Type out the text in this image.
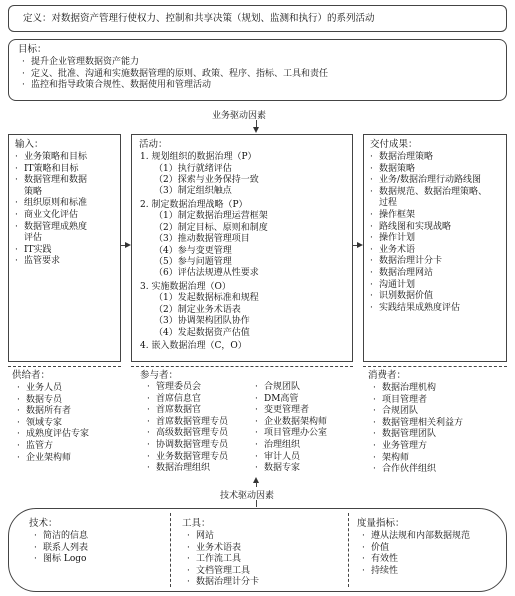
定义：对数据资产管理行使权力、控制和共享决策（规划、监测和执行）的系列活动
目标：
· 提升企业管理数据资产能力
· 定义、批准、沟通和实施数据管理的原则、政策、程序、指标、工具和责任
· 监控和指导政策合规性、数据使用和管理活动
业务驱动因素
输入：
· 业务策略和目标
· IT策略和目标
· 数据管理和数据
策略
· 组织原则和标准
· 商业文化评估
· 数据管理成熟度
评估
· IT实践
· 监管要求
活动：
1. 规划组织的数据治理（P）
（1）执行就绪评估
（2）探索与业务保持一致
（3）制定组织触点
2. 制定数据治理战略（P）
（1）制定数据治理运营框架
（2）制定目标、原则和制度
（3）推动数据管理项目
（4）参与变更管理
（5）参与问题管理
（6）评估法规遵从性要求
3. 实施数据治理（O）
（1）发起数据标准和规程
（2）制定业务术语表
（3）协调架构团队协作
（4）发起数据资产估值
4. 嵌入数据治理（C，O）
交付成果：
· 数据治理策略
· 数据策略
· 业务/数据治理行动路线图
· 数据规范、数据治理策略、
过程
· 操作框架
· 路线图和实现战略
· 操作计划
· 业务术语
· 数据治理计分卡
· 数据治理网站
· 沟通计划
· 识别数据价值
· 实践结果成熟度评估
供给者：
· 业务人员
· 数据专员
· 数据所有者
· 领域专家
· 成熟度评估专家
· 监管方
· 企业架构师
参与者：
· 管理委员会
· 首席信息官
· 首席数据官
· 首席数据管理专员
· 高级数据管理专员
· 协调数据管理专员
· 业务数据管理专员
· 数据治理组织
· 合规团队
· DM高管
· 变更管理者
· 企业数据架构师
· 项目管理办公室
· 治理组织
· 审计人员
· 数据专家
消费者：
· 数据治理机构
· 项目管理者
· 合规团队
· 数据管理相关利益方
· 数据管理团队
· 业务管理方
· 架构师
· 合作伙伴组织
技术驱动因素
技术：
· 简洁的信息
· 联系人列表
· 图标 Logo
工具：
· 网站
· 业务术语表
· 工作流工具
· 文档管理工具
· 数据治理计分卡
度量指标：
· 遵从法规和内部数据规范
· 价值
· 有效性
· 持续性
